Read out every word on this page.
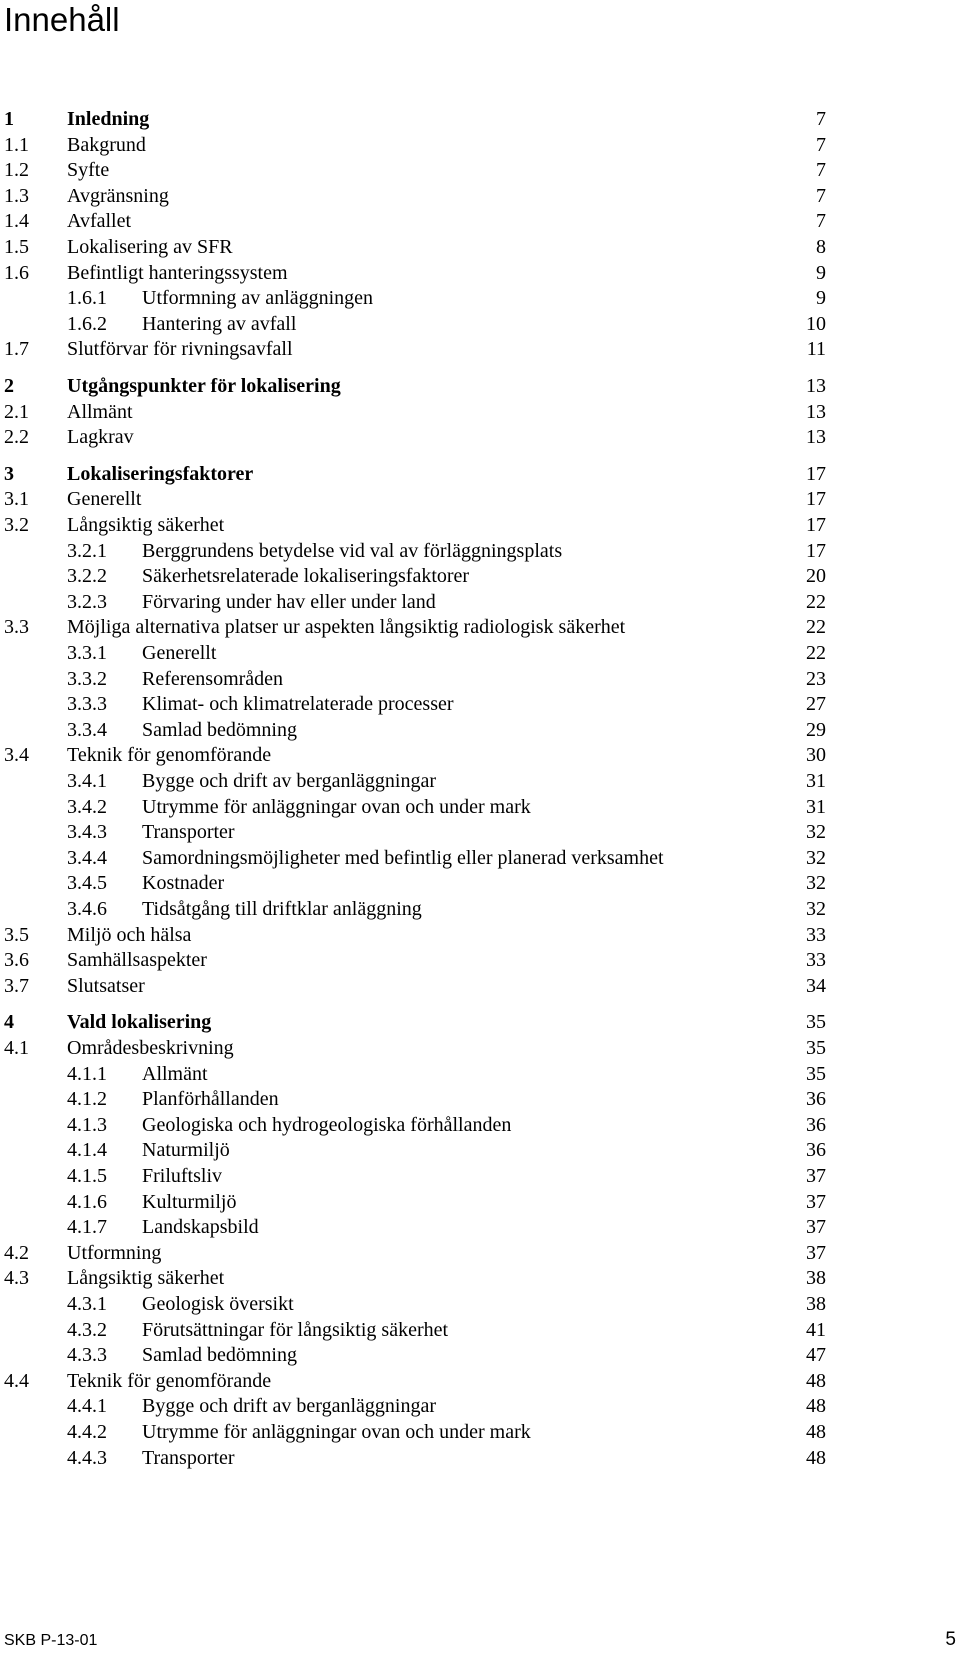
Innehåll
1	Inledning	7
1.1 Bakgrund	7
1.2 Syfte	7
1.3 Avgränsning	7
1.4 Avfallet	7
1.5 Lokalisering av SFR	8
1.6 Befintligt hanteringssystem	9
1.6.1 Utformning av anläggningen	9
1.6.2 Hantering av avfall	10
1.7 Slutförvar för rivningsavfall	11
2	Utgångspunkter för lokalisering	13
2.1 Allmänt	13
2.2 Lagkrav	13
3	Lokaliseringsfaktorer	17
3.1 Generellt	17
3.2 Långsiktig säkerhet	17
3.2.1 Berggrundens betydelse vid val av förläggningsplats	17
3.2.2 Säkerhetsrelaterade lokaliseringsfaktorer	20
3.2.3 Förvaring under hav eller under land	22
3.3 Möjliga alternativa platser ur aspekten långsiktig radiologisk säkerhet	22
3.3.1 Generellt	22
3.3.2 Referensområden	23
3.3.3 Klimat- och klimatrelaterade processer	27
3.3.4 Samlad bedömning	29
3.4 Teknik för genomförande	30
3.4.1 Bygge och drift av berganläggningar	31
3.4.2 Utrymme för anläggningar ovan och under mark	31
3.4.3 Transporter	32
3.4.4 Samordningsmöjligheter med befintlig eller planerad verksamhet	32
3.4.5 Kostnader	32
3.4.6 Tidsåtgång till driftklar anläggning	32
3.5 Miljö och hälsa	33
3.6 Samhällsaspekter	33
3.7 Slutsatser	34
4	Vald lokalisering	35
4.1 Områdesbeskrivning	35
4.1.1 Allmänt	35
4.1.2 Planförhållanden	36
4.1.3 Geologiska och hydrogeologiska förhållanden	36
4.1.4 Naturmiljö	36
4.1.5 Friluftsliv	37
4.1.6 Kulturmiljö	37
4.1.7 Landskapsbild	37
4.2 Utformning	37
4.3 Långsiktig säkerhet	38
4.3.1 Geologisk översikt	38
4.3.2 Förutsättningar för långsiktig säkerhet	41
4.3.3 Samlad bedömning	47
4.4 Teknik för genomförande	48
4.4.1 Bygge och drift av berganläggningar	48
4.4.2 Utrymme för anläggningar ovan och under mark	48
4.4.3 Transporter	48
SKB P-13-01	5
